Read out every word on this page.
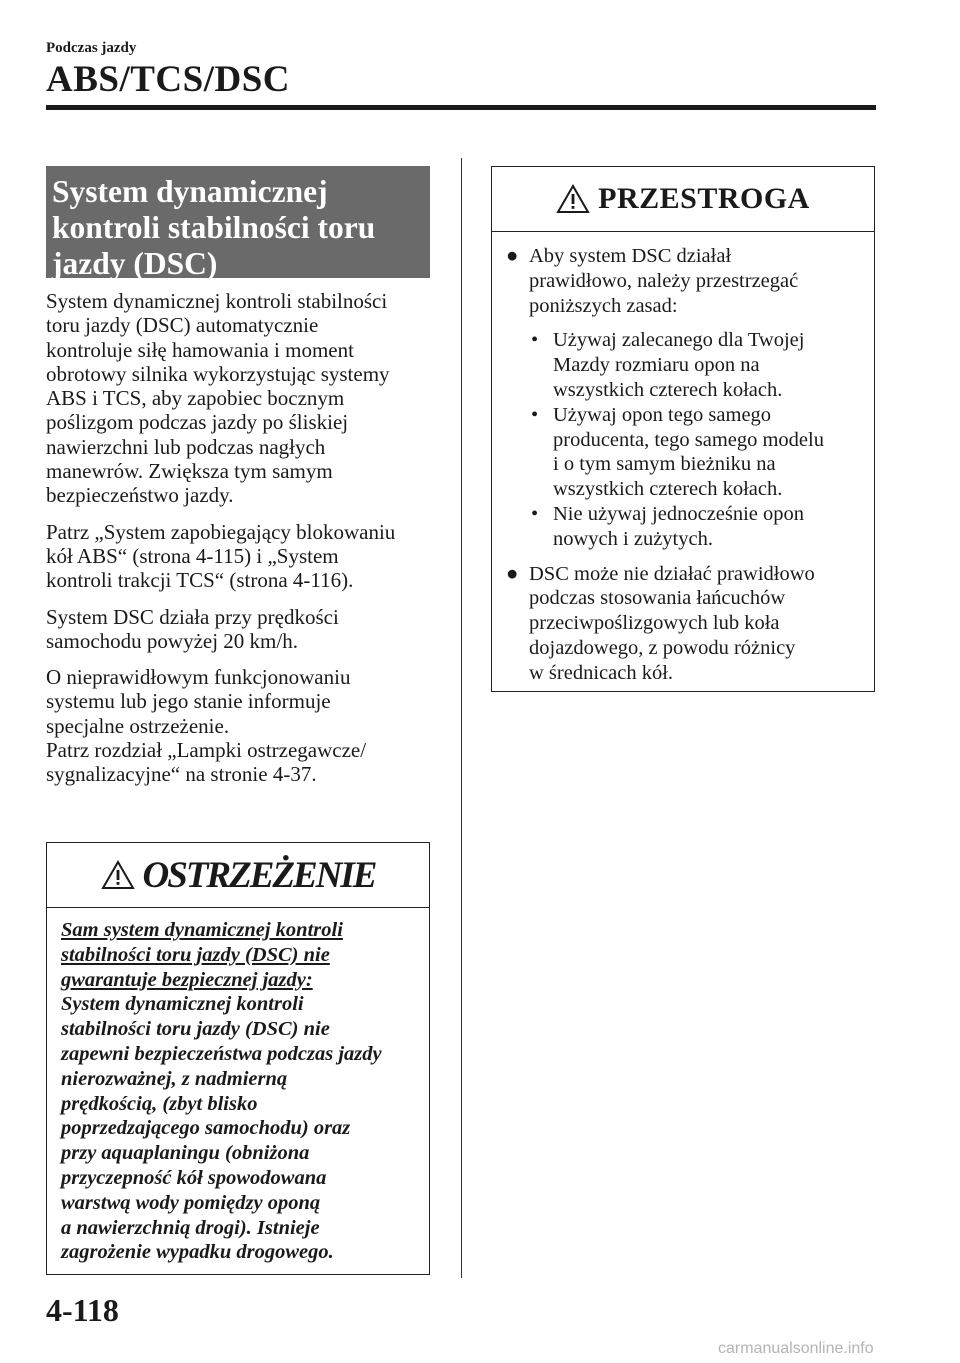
Podczas jazdy
ABS/TCS/DSC
System dynamicznej
kontroli stabilności toru
jazdy (DSC)

System dynamicznej kontroli stabilności
toru jazdy (DSC) automatycznie
kontroluje siłę hamowania i moment
obrotowy silnika wykorzystując systemy
ABS i TCS, aby zapobiec bocznym
poślizgom podczas jazdy po śliskiej
nawierzchni lub podczas nagłych
manewrów. Zwiększa tym samym
bezpieczeństwo jazdy.

Patrz „System zapobiegający blokowaniu
kół ABS“ (strona 4-115) i „System
kontroli trakcji TCS“ (strona 4-116).

System DSC działa przy prędkości
samochodu powyżej 20 km/h.

O nieprawidłowym funkcjonowaniu
systemu lub jego stanie informuje
specjalne ostrzeżenie.
Patrz rozdział „Lampki ostrzegawcze/
sygnalizacyjne“ na stronie 4-37.

OSTRZEŻENIE
Sam system dynamicznej kontroli
stabilności toru jazdy (DSC) nie
gwarantuje bezpiecznej jazdy:
System dynamicznej kontroli
stabilności toru jazdy (DSC) nie
zapewni bezpieczeństwa podczas jazdy
nierozważnej, z nadmierną
prędkością, (zbyt blisko
poprzedzającego samochodu) oraz
przy aquaplaningu (obniżona
przyczepność kół spowodowana
warstwą wody pomiędzy oponą
a nawierzchnią drogi). Istnieje
zagrożenie wypadku drogowego.
PRZESTROGA
● Aby system DSC działał
prawidłowo, należy przestrzegać
poniższych zasad:
• Używaj zalecanego dla Twojej
Mazdy rozmiaru opon na
wszystkich czterech kołach.
• Używaj opon tego samego
producenta, tego samego modelu
i o tym samym bieżniku na
wszystkich czterech kołach.
• Nie używaj jednocześnie opon
nowych i zużytych.
● DSC może nie działać prawidłowo
podczas stosowania łańcuchów
przeciwpoślizgowych lub koła
dojazdowego, z powodu różnicy
w średnicach kół.
4-118
carmanualsonline.info
